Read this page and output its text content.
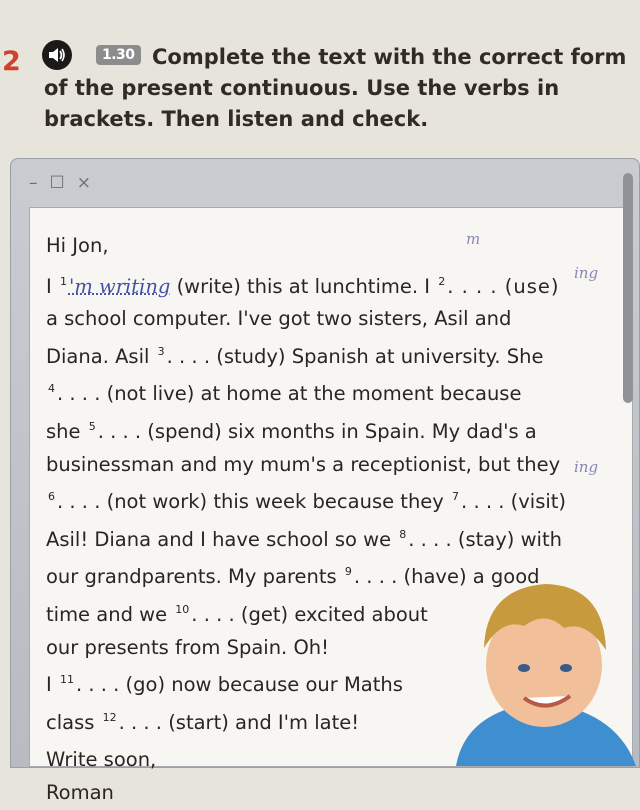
2	1.30 Complete the text with the correct form of the present continuous. Use the verbs in brackets. Then listen and check.

– ☐ ×

Hi Jon,

I $^1$ 'm writing (write) this at lunchtime. I $^2$ . . . . (use)

a school computer. I've got two sisters, Asil and

Diana. Asil $^3$ . . . . (study) Spanish at university. She

$^4$ . . . . (not live) at home at the moment because

she $^5$ . . . . (spend) six months in Spain. My dad's a

businessman and my mum's a receptionist, but they

$^6$ . . . . (not work) this week because they $^7$ . . . . (visit)

Asil! Diana and I have school so we $^8$ . . . . (stay) with

our grandparents. My parents $^9$ . . . . (have) a good

time and we $^{10}$ . . . . (get) excited about

our presents from Spain. Oh!

I $^{11}$ . . . . (go) now because our Maths

class $^{12}$ . . . . (start) and I'm late!

Write soon,

Roman

m
ing
ing
